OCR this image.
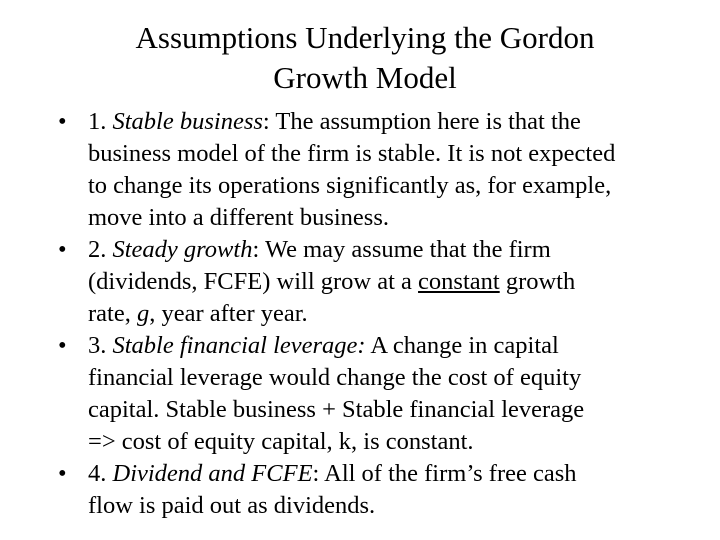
Assumptions Underlying the Gordon
Growth Model
• 1. Stable business: The assumption here is that the
business model of the firm is stable. It is not expected
to change its operations significantly as, for example,
move into a different business.
• 2. Steady growth: We may assume that the firm
(dividends, FCFE) will grow at a constant growth
rate, g, year after year.
• 3. Stable financial leverage: A change in capital
financial leverage would change the cost of equity
capital. Stable business + Stable financial leverage
=> cost of equity capital, k, is constant.
• 4. Dividend and FCFE: All of the firm’s free cash
flow is paid out as dividends.
